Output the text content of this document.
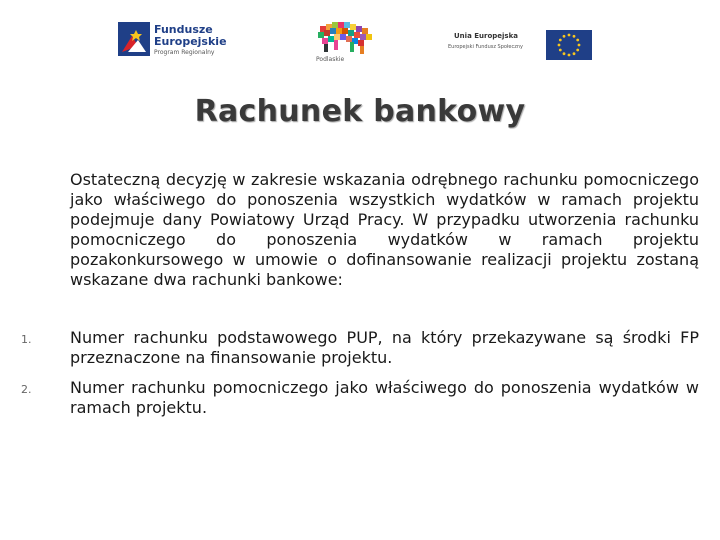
Fundusze
Europejskie
Program Regionalny
Podlaskie
Unia Europejska
Europejski Fundusz Społeczny
Rachunek bankowy
Ostateczną decyzję w zakresie wskazania odrębnego rachunku pomocniczego jako właściwego do ponoszenia wszystkich wydatków w ramach projektu podejmuje dany Powiatowy Urząd Pracy. W przypadku utworzenia rachunku pomocniczego do ponoszenia wydatków w ramach projektu pozakonkursowego w umowie o dofinansowanie realizacji projektu zostaną wskazane dwa rachunki bankowe:
1. Numer rachunku podstawowego PUP, na który przekazywane są środki FP przeznaczone na finansowanie projektu.
2. Numer rachunku pomocniczego jako właściwego do ponoszenia wydatków w ramach projektu.
